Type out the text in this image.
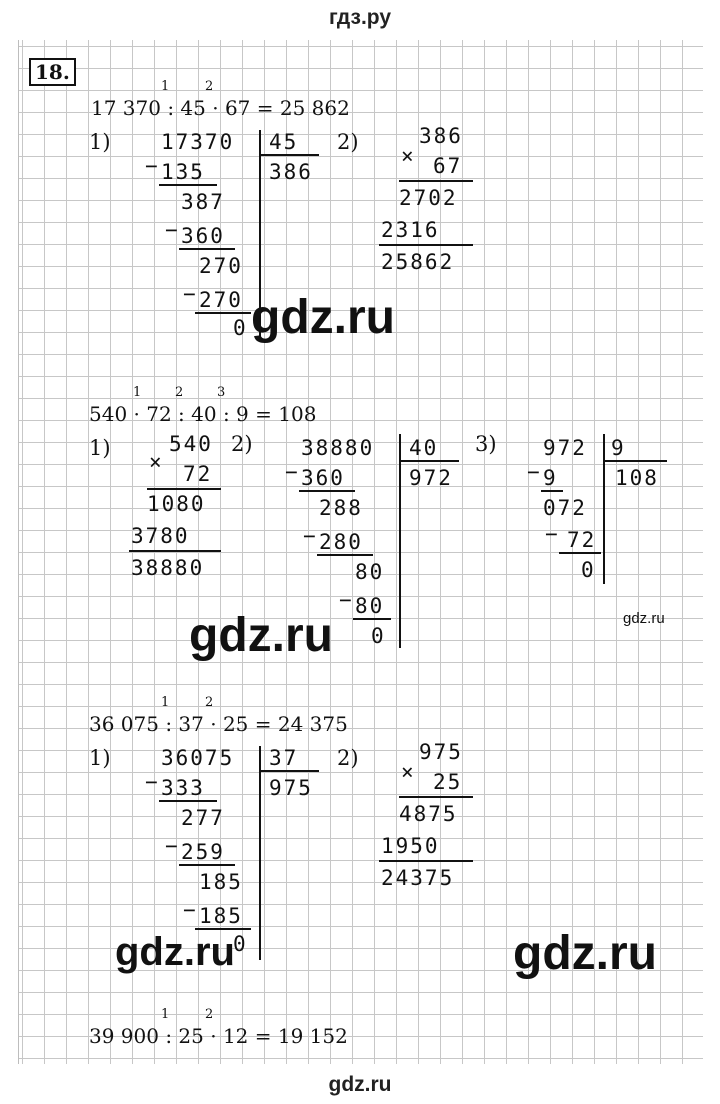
гдз.ру
18.
17 370 : 45 · 67 = 25 862
1	2
1) 17370 45
386
− 135
387
− 360
270
− 270
0
2)
×
386
67
2702
2316
25862
gdz.ru
540 · 72 : 40 : 9 = 108
1	2	3
1)	540
× 72
1080
3780
38880
2) 38880 40
972
− 360
288
− 280
80
− 80
0
3) 972 9
108
− 9
072
− 72
0
gdz.ru
gdz.ru
36 075 : 37 · 25 = 24 375
1	2
1) 36075 37
975
− 333
277
− 259
185
− 185
0
2)
×
975
25
4875
1950
24375
gdz.ru	gdz.ru
39 900 : 25 · 12 = 19 152
1	2
gdz.ru
